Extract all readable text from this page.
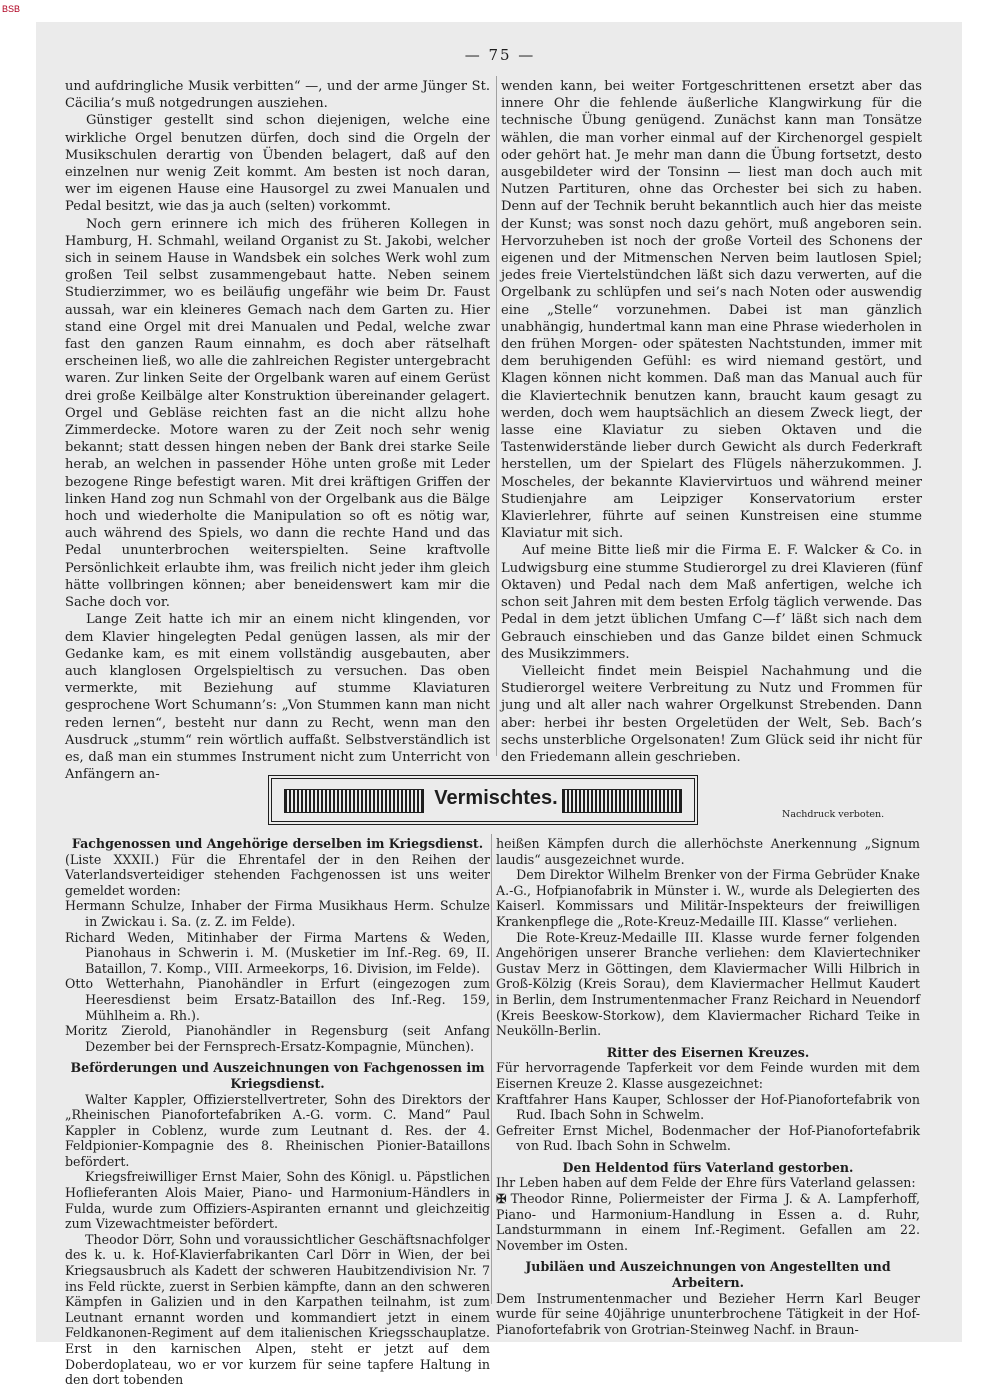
BSB
— 75 —

und aufdringliche Musik verbitten“ —, und der arme Jünger St. Cäcilia’s muß notgedrungen ausziehen.

Günstiger gestellt sind schon diejenigen, welche eine wirkliche Orgel benutzen dürfen, doch sind die Orgeln der Musikschulen derartig von Übenden belagert, daß auf den einzelnen nur wenig Zeit kommt. Am besten ist noch daran, wer im eigenen Hause eine Hausorgel zu zwei Manualen und Pedal besitzt, wie das ja auch (selten) vorkommt.

Noch gern erinnere ich mich des früheren Kollegen in Hamburg, H. Schmahl, weiland Organist zu St. Jakobi, welcher sich in seinem Hause in Wandsbek ein solches Werk wohl zum großen Teil selbst zusammengebaut hatte. Neben seinem Studierzimmer, wo es beiläufig ungefähr wie beim Dr. Faust aussah, war ein kleineres Gemach nach dem Garten zu. Hier stand eine Orgel mit drei Manualen und Pedal, welche zwar fast den ganzen Raum einnahm, es doch aber rätselhaft erscheinen ließ, wo alle die zahlreichen Register untergebracht waren. Zur linken Seite der Orgelbank waren auf einem Gerüst drei große Keilbälge alter Konstruktion übereinander gelagert. Orgel und Gebläse reichten fast an die nicht allzu hohe Zimmerdecke. Motore waren zu der Zeit noch sehr wenig bekannt; statt dessen hingen neben der Bank drei starke Seile herab, an welchen in passender Höhe unten große mit Leder bezogene Ringe befestigt waren. Mit drei kräftigen Griffen der linken Hand zog nun Schmahl von der Orgelbank aus die Bälge hoch und wiederholte die Manipulation so oft es nötig war, auch während des Spiels, wo dann die rechte Hand und das Pedal ununterbrochen weiterspielten. Seine kraftvolle Persönlichkeit erlaubte ihm, was freilich nicht jeder ihm gleich hätte vollbringen können; aber beneidenswert kam mir die Sache doch vor.

Lange Zeit hatte ich mir an einem nicht klingenden, vor dem Klavier hingelegten Pedal genügen lassen, als mir der Gedanke kam, es mit einem vollständig ausgebauten, aber auch klanglosen Orgelspieltisch zu versuchen. Das oben vermerkte, mit Beziehung auf stumme Klaviaturen gesprochene Wort Schumann’s: „Von Stummen kann man nicht reden lernen“, besteht nur dann zu Recht, wenn man den Ausdruck „stumm“ rein wörtlich auffaßt. Selbstverständlich ist es, daß man ein stummes Instrument nicht zum Unterricht von Anfängern an-

wenden kann, bei weiter Fortgeschrittenen ersetzt aber das innere Ohr die fehlende äußerliche Klangwirkung für die technische Übung genügend. Zunächst kann man Tonsätze wählen, die man vorher einmal auf der Kirchenorgel gespielt oder gehört hat. Je mehr man dann die Übung fortsetzt, desto ausgebildeter wird der Tonsinn — liest man doch auch mit Nutzen Partituren, ohne das Orchester bei sich zu haben. Denn auf der Technik beruht bekanntlich auch hier das meiste der Kunst; was sonst noch dazu gehört, muß angeboren sein. Hervorzuheben ist noch der große Vorteil des Schonens der eigenen und der Mitmenschen Nerven beim lautlosen Spiel; jedes freie Viertelstündchen läßt sich dazu verwerten, auf die Orgelbank zu schlüpfen und sei’s nach Noten oder auswendig eine „Stelle“ vorzunehmen. Dabei ist man gänzlich unabhängig, hundertmal kann man eine Phrase wiederholen in den frühen Morgen- oder spätesten Nachtstunden, immer mit dem beruhigenden Gefühl: es wird niemand gestört, und Klagen können nicht kommen. Daß man das Manual auch für die Klaviertechnik benutzen kann, braucht kaum gesagt zu werden, doch wem hauptsächlich an diesem Zweck liegt, der lasse eine Klaviatur zu sieben Oktaven und die Tastenwiderstände lieber durch Gewicht als durch Federkraft herstellen, um der Spielart des Flügels näherzukommen. J. Moscheles, der bekannte Klaviervirtuos und während meiner Studienjahre am Leipziger Konservatorium erster Klavierlehrer, führte auf seinen Kunstreisen eine stumme Klaviatur mit sich.

Auf meine Bitte ließ mir die Firma E. F. Walcker & Co. in Ludwigsburg eine stumme Studierorgel zu drei Klavieren (fünf Oktaven) und Pedal nach dem Maß anfertigen, welche ich schon seit Jahren mit dem besten Erfolg täglich verwende. Das Pedal in dem jetzt üblichen Umfang C—f’ läßt sich nach dem Gebrauch einschieben und das Ganze bildet einen Schmuck des Musikzimmers.

Vielleicht findet mein Beispiel Nachahmung und die Studierorgel weitere Verbreitung zu Nutz und Frommen für jung und alt aller nach wahrer Orgelkunst Strebenden. Dann aber: herbei ihr besten Orgeletüden der Welt, Seb. Bach’s sechs unsterbliche Orgelsonaten! Zum Glück seid ihr nicht für den Friedemann allein geschrieben.

Vermischtes.
Nachdruck verboten.

Fachgenossen und Angehörige derselben im Kriegsdienst.

(Liste XXXII.) Für die Ehrentafel der in den Reihen der Vaterlandsverteidiger stehenden Fachgenossen ist uns weiter gemeldet worden:

Hermann Schulze, Inhaber der Firma Musikhaus Herm. Schulze in Zwickau i. Sa. (z. Z. im Felde).

Richard Weden, Mitinhaber der Firma Martens & Weden, Pianohaus in Schwerin i. M. (Musketier im Inf.-Reg. 69, II. Bataillon, 7. Komp., VIII. Armeekorps, 16. Division, im Felde).

Otto Wetterhahn, Pianohändler in Erfurt (eingezogen zum Heeresdienst beim Ersatz-Bataillon des Inf.-Reg. 159, Mühlheim a. Rh.).

Moritz Zierold, Pianohändler in Regensburg (seit Anfang Dezember bei der Fernsprech-Ersatz-Kompagnie, München).

Beförderungen und Auszeichnungen von Fachgenossen im Kriegsdienst.

Walter Kappler, Offizierstellvertreter, Sohn des Direktors der „Rheinischen Pianofortefabriken A.-G. vorm. C. Mand“ Paul Kappler in Coblenz, wurde zum Leutnant d. Res. der 4. Feldpionier-Kompagnie des 8. Rheinischen Pionier-Bataillons befördert.

Kriegsfreiwilliger Ernst Maier, Sohn des Königl. u. Päpstlichen Hoflieferanten Alois Maier, Piano- und Harmonium-Händlers in Fulda, wurde zum Offiziers-Aspiranten ernannt und gleichzeitig zum Vizewachtmeister befördert.

Theodor Dörr, Sohn und voraussichtlicher Geschäftsnachfolger des k. u. k. Hof-Klavierfabrikanten Carl Dörr in Wien, der bei Kriegsausbruch als Kadett der schweren Haubitzendivision Nr. 7 ins Feld rückte, zuerst in Serbien kämpfte, dann an den schweren Kämpfen in Galizien und in den Karpathen teilnahm, ist zum Leutnant ernannt worden und kommandiert jetzt in einem Feldkanonen-Regiment auf dem italienischen Kriegsschauplatze. Erst in den karnischen Alpen, steht er jetzt auf dem Doberdoplateau, wo er vor kurzem für seine tapfere Haltung in den dort tobenden

heißen Kämpfen durch die allerhöchste Anerkennung „Signum laudis“ ausgezeichnet wurde.

Dem Direktor Wilhelm Brenker von der Firma Gebrüder Knake A.-G., Hofpianofabrik in Münster i. W., wurde als Delegierten des Kaiserl. Kommissars und Militär-Inspekteurs der freiwilligen Krankenpflege die „Rote-Kreuz-Medaille III. Klasse“ verliehen.

Die Rote-Kreuz-Medaille III. Klasse wurde ferner folgenden Angehörigen unserer Branche verliehen: dem Klaviertechniker Gustav Merz in Göttingen, dem Klaviermacher Willi Hilbrich in Groß-Kölzig (Kreis Sorau), dem Klaviermacher Hellmut Kaudert in Berlin, dem Instrumentenmacher Franz Reichard in Neuendorf (Kreis Beeskow-Storkow), dem Klaviermacher Richard Teike in Neukölln-Berlin.

Ritter des Eisernen Kreuzes.

Für hervorragende Tapferkeit vor dem Feinde wurden mit dem Eisernen Kreuze 2. Klasse ausgezeichnet:

Kraftfahrer Hans Kauper, Schlosser der Hof-Pianofortefabrik von Rud. Ibach Sohn in Schwelm.

Gefreiter Ernst Michel, Bodenmacher der Hof-Pianofortefabrik von Rud. Ibach Sohn in Schwelm.

Den Heldentod fürs Vaterland gestorben.

Ihr Leben haben auf dem Felde der Ehre fürs Vaterland gelassen:

✠ Theodor Rinne, Poliermeister der Firma J. & A. Lampferhoff, Piano- und Harmonium-Handlung in Essen a. d. Ruhr, Landsturmmann in einem Inf.-Regiment. Gefallen am 22. November im Osten.

Jubiläen und Auszeichnungen von Angestellten und Arbeitern.

Dem Instrumentenmacher und Bezieher Herrn Karl Beuger wurde für seine 40jährige ununterbrochene Tätigkeit in der Hof-Pianofortefabrik von Grotrian-Steinweg Nachf. in Braun-
